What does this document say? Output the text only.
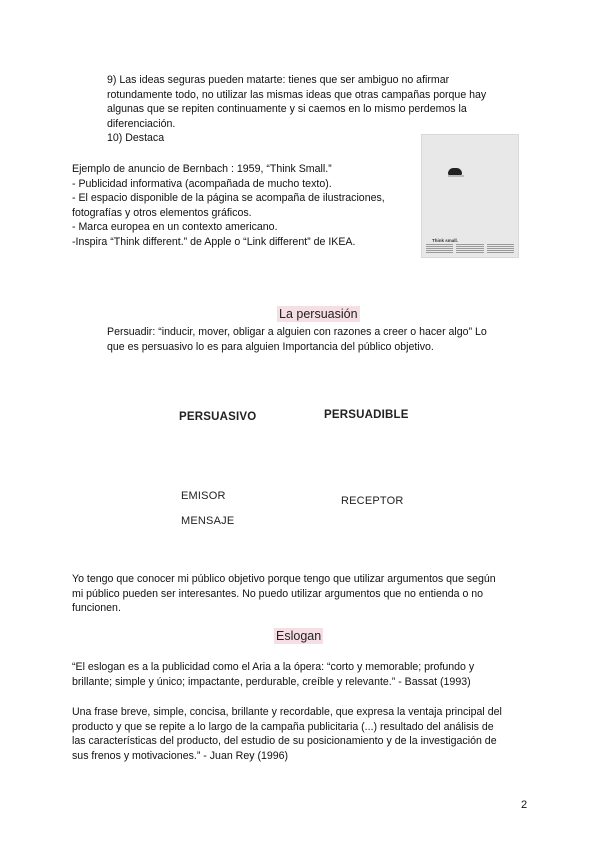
9) Las ideas seguras pueden matarte: tienes que ser ambiguo no afirmar
rotundamente todo, no utilizar las mismas ideas que otras campañas porque hay
algunas que se repiten continuamente y si caemos en lo mismo perdemos la
diferenciación.
10) Destaca
Ejemplo de anuncio de Bernbach : 1959, “Think Small.”
- Publicidad informativa (acompañada de mucho texto).
- El espacio disponible de la página se acompaña de ilustraciones,
fotografías y otros elementos gráficos.
- Marca europea en un contexto americano.
-Inspira “Think different.” de Apple o “Link different” de IKEA.	Think small.
La persuasión
Persuadir: “inducir, mover, obligar a alguien con razones a creer o hacer algo” Lo
que es persuasivo lo es para alguien Importancia del público objetivo.
PERSUASIVO	PERSUADIBLE
EMISOR	RECEPTOR
MENSAJE
Yo tengo que conocer mi público objetivo porque tengo que utilizar argumentos que según
mi público pueden ser interesantes. No puedo utilizar argumentos que no entienda o no
funcionen.
Eslogan
“El eslogan es a la publicidad como el Aria a la ópera: “corto y memorable; profundo y
brillante; simple y único; impactante, perdurable, creíble y relevante.” - Bassat (1993)
Una frase breve, simple, concisa, brillante y recordable, que expresa la ventaja principal del
producto y que se repite a lo largo de la campaña publicitaria (...) resultado del análisis de
las características del producto, del estudio de su posicionamiento y de la investigación de
sus frenos y motivaciones.” - Juan Rey (1996)
2
